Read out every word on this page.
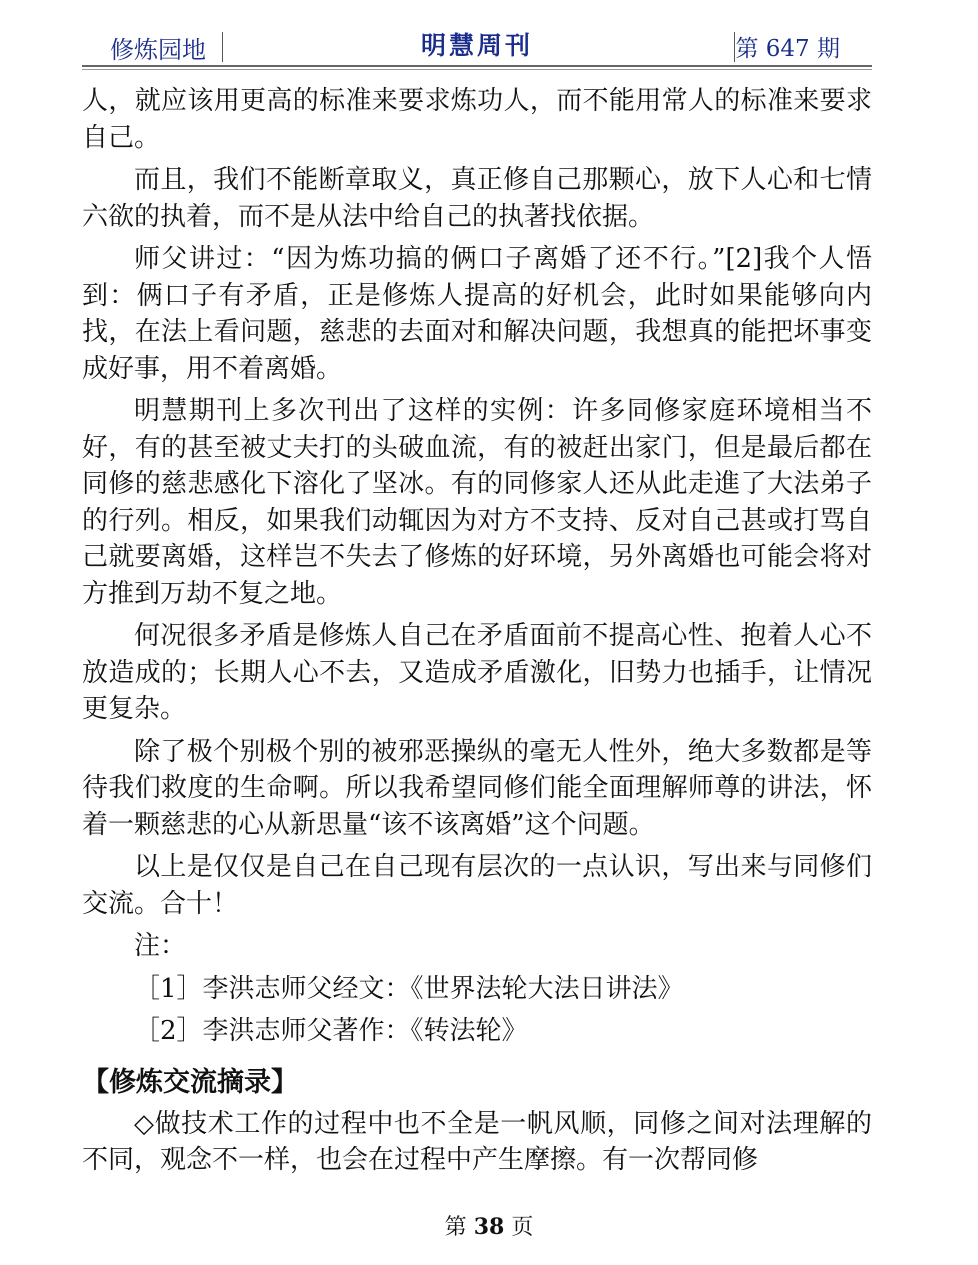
修炼园地	明慧周刊	第 647 期

人，就应该用更高的标准来要求炼功人，而不能用常人的标准来要求自己。

而且，我们不能断章取义，真正修自己那颗心，放下人心和七情六欲的执着，而不是从法中给自己的执著找依据。

师父讲过：“因为炼功搞的俩口子离婚了还不行。”[2]我个人悟到：俩口子有矛盾，正是修炼人提高的好机会，此时如果能够向内找，在法上看问题，慈悲的去面对和解决问题，我想真的能把坏事变成好事，用不着离婚。

明慧期刊上多次刊出了这样的实例：许多同修家庭环境相当不好，有的甚至被丈夫打的头破血流，有的被赶出家门，但是最后都在同修的慈悲感化下溶化了坚冰。有的同修家人还从此走進了大法弟子的行列。相反，如果我们动辄因为对方不支持、反对自己甚或打骂自己就要离婚，这样岂不失去了修炼的好环境，另外离婚也可能会将对方推到万劫不复之地。

何况很多矛盾是修炼人自己在矛盾面前不提高心性、抱着人心不放造成的；长期人心不去，又造成矛盾激化，旧势力也插手，让情况更复杂。

除了极个别极个别的被邪恶操纵的毫无人性外，绝大多数都是等待我们救度的生命啊。所以我希望同修们能全面理解师尊的讲法，怀着一颗慈悲的心从新思量“该不该离婚”这个问题。

以上是仅仅是自己在自己现有层次的一点认识，写出来与同修们交流。合十！

注：

［1］李洪志师父经文：《世界法轮大法日讲法》

［2］李洪志师父著作：《转法轮》

【修炼交流摘录】

◇做技术工作的过程中也不全是一帆风顺，同修之间对法理解的不同，观念不一样，也会在过程中产生摩擦。有一次帮同修

第 38 页
